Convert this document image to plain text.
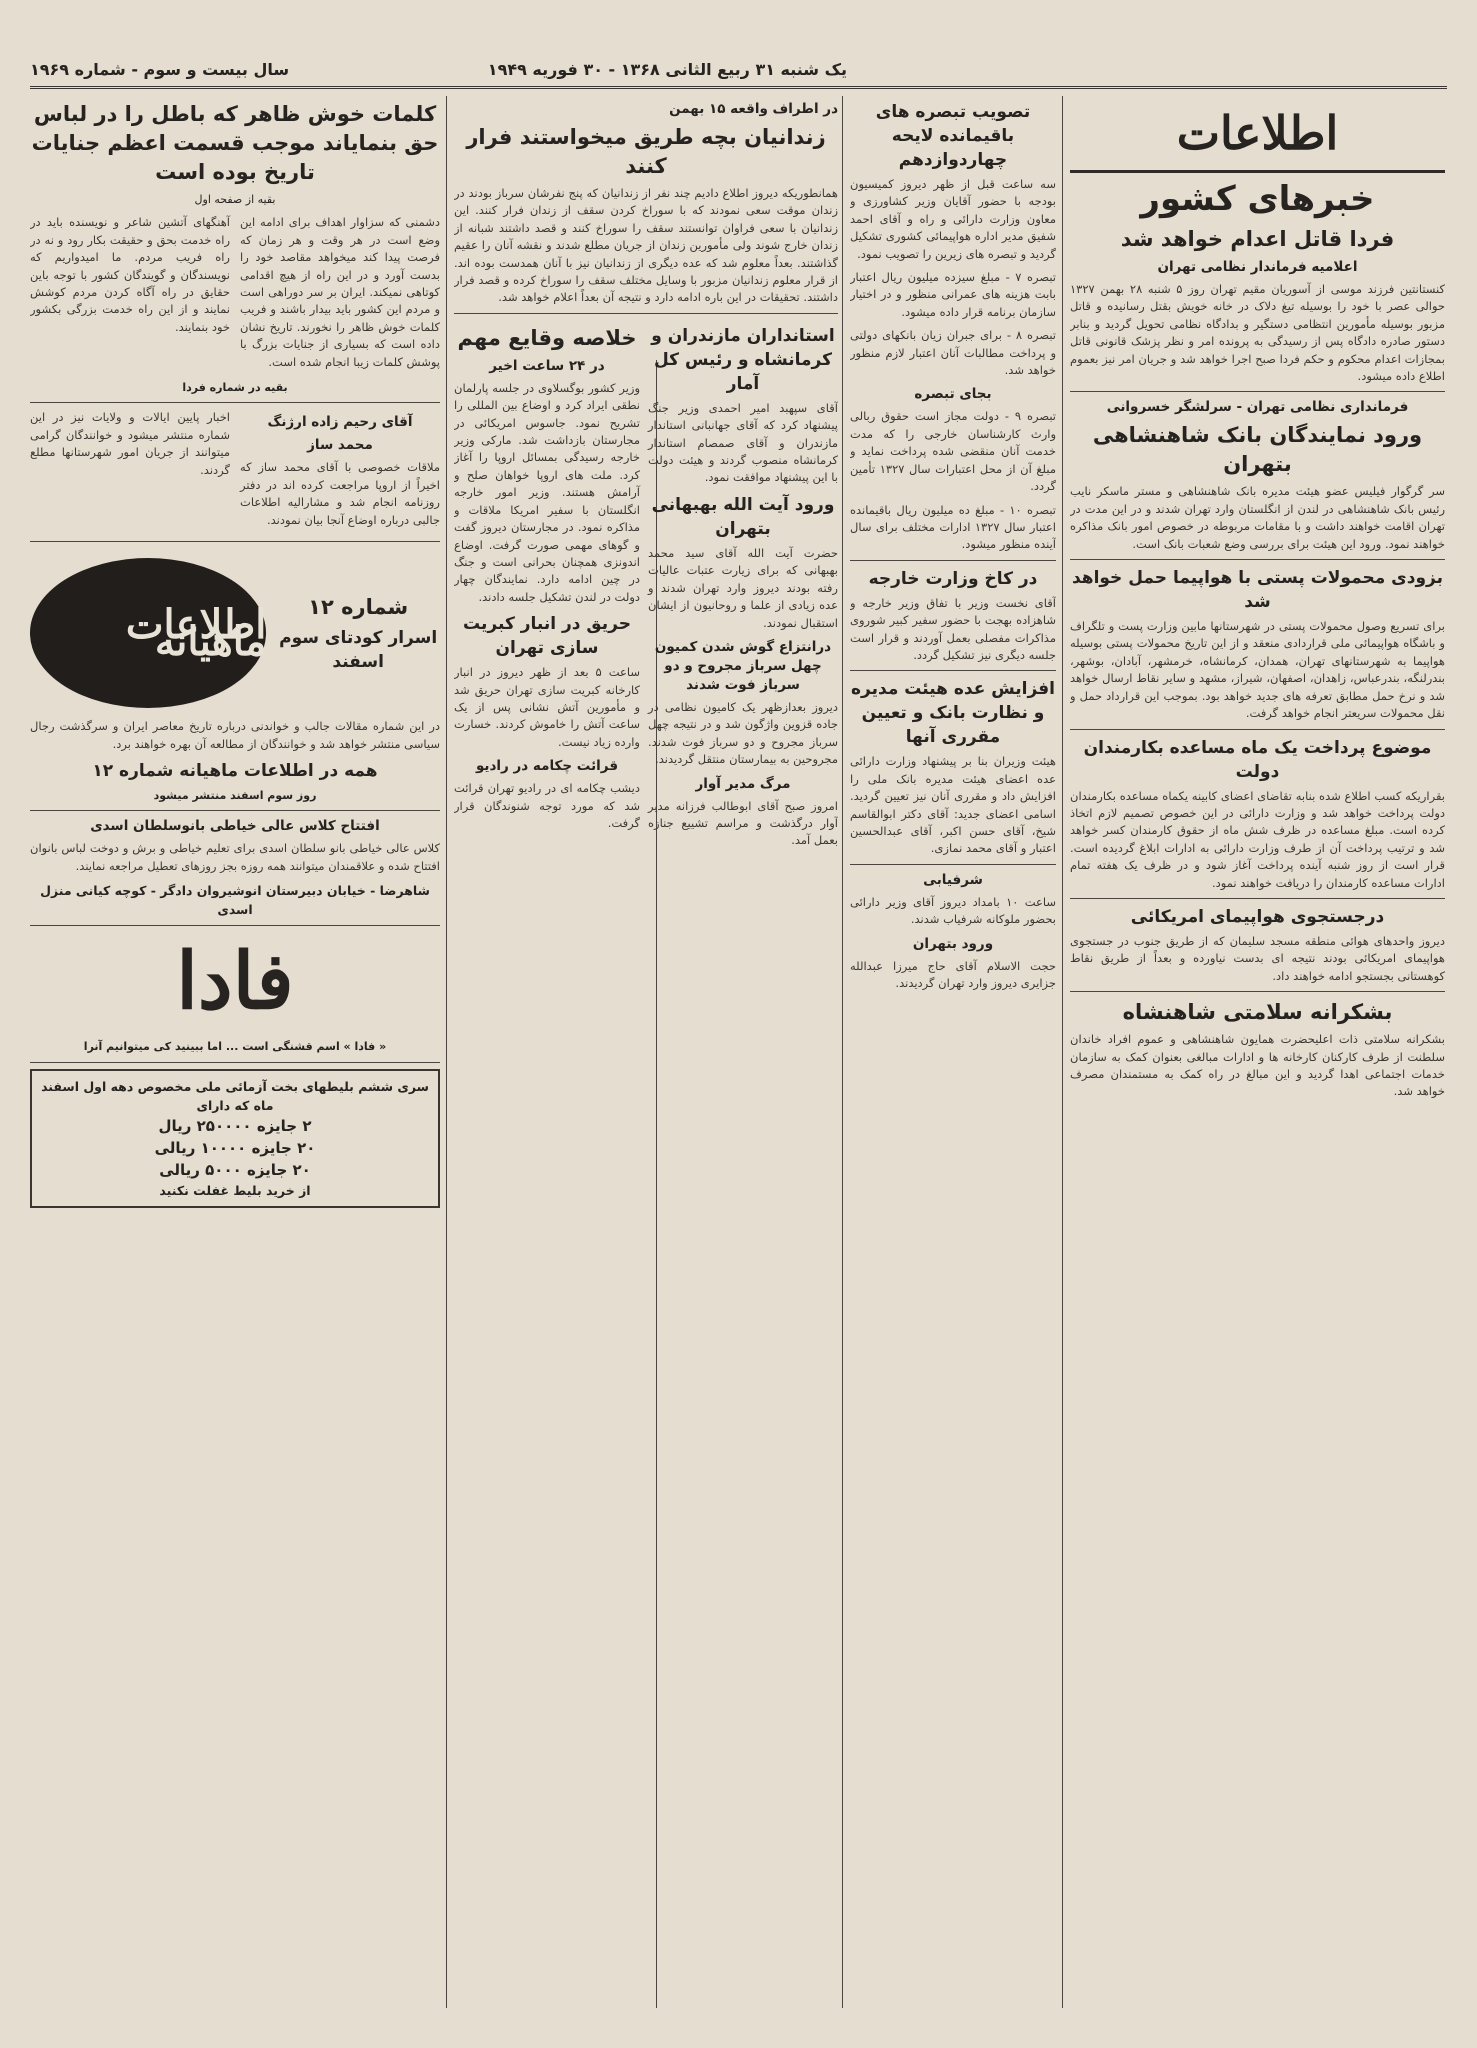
یک شنبه ۳۱ ربیع الثانی ۱۳۶۸ - ۳۰ فوریه ۱۹۴۹
سال بیست و سوم - شماره ۱۹۶۹
اطلاعات
خبرهای کشور
فردا قاتل اعدام خواهد شد
اعلامیه فرماندار نظامی تهران

کنستانتین فرزند موسی از آسوریان مقیم تهران روز ۵ شنبه ۲۸ بهمن ۱۳۲۷ حوالی عصر با خود را بوسیله تیغ دلاک در خانه خویش بقتل رسانیده و قاتل مزبور بوسیله مأمورین انتظامی دستگیر و بدادگاه نظامی تحویل گردید و بنابر دستور صادره دادگاه پس از رسیدگی به پرونده امر و نظر پزشک قانونی قاتل بمجازات اعدام محکوم و حکم فردا صبح اجرا خواهد شد و جریان امر نیز بعموم اطلاع داده میشود.

فرمانداری نظامی تهران - سرلشگر خسروانی
ورود نمایندگان بانک شاهنشاهی بتهران

سر گرگوار فیلیس عضو هیئت مدیره بانک شاهنشاهی و مستر ماسکر نایب رئیس بانک شاهنشاهی در لندن از انگلستان وارد تهران شدند و در این مدت در تهران اقامت خواهند داشت و با مقامات مربوطه در خصوص امور بانک مذاکره خواهند نمود. ورود این هیئت برای بررسی وضع شعبات بانک است.

بزودی محمولات پستی با هواپیما حمل خواهد شد

برای تسریع وصول محمولات پستی در شهرستانها مابین وزارت پست و تلگراف و باشگاه هواپیمائی ملی قراردادی منعقد و از این تاریخ محمولات پستی بوسیله هواپیما به شهرستانهای تهران، همدان، کرمانشاه، خرمشهر، آبادان، بوشهر، بندرلنگه، بندرعباس، زاهدان، اصفهان، شیراز، مشهد و سایر نقاط ارسال خواهد شد و نرخ حمل مطابق تعرفه های جدید خواهد بود. بموجب این قرارداد حمل و نقل محمولات سریعتر انجام خواهد گرفت.

موضوع پرداخت یک ماه مساعده بکارمندان دولت

بقراریکه کسب اطلاع شده بنابه تقاضای اعضای کابینه یکماه مساعده بکارمندان دولت پرداخت خواهد شد و وزارت دارائی در این خصوص تصمیم لازم اتخاذ کرده است. مبلغ مساعده در ظرف شش ماه از حقوق کارمندان کسر خواهد شد و ترتیب پرداخت آن از طرف وزارت دارائی به ادارات ابلاغ گردیده است. قرار است از روز شنبه آینده پرداخت آغاز شود و در ظرف یک هفته تمام ادارات مساعده کارمندان را دریافت خواهند نمود.

درجستجوی هواپیمای امریکائی

دیروز واحدهای هوائی منطقه مسجد سلیمان که از طریق جنوب در جستجوی هواپیمای امریکائی بودند نتیجه ای بدست نیاورده و بعداً از طریق نقاط کوهستانی بجستجو ادامه خواهند داد.

بشکرانه سلامتی شاهنشاه

بشکرانه سلامتی ذات اعلیحضرت همایون شاهنشاهی و عموم افراد خاندان سلطنت از طرف کارکنان کارخانه ها و ادارات مبالغی بعنوان کمک به سازمان خدمات اجتماعی اهدا گردید و این مبالغ در راه کمک به مستمندان مصرف خواهد شد.

تصویب تبصره های باقیمانده لایحه چهاردوازدهم

سه ساعت قبل از ظهر دیروز کمیسیون بودجه با حضور آقایان وزیر کشاورزی و معاون وزارت دارائی و راه و آقای احمد شفیق مدیر اداره هواپیمائی کشوری تشکیل گردید و تبصره های زیرین را تصویب نمود.

تبصره ۷ - مبلغ سیزده میلیون ریال اعتبار بابت هزینه های عمرانی منظور و در اختیار سازمان برنامه قرار داده میشود.

تبصره ۸ - برای جبران زیان بانکهای دولتی و پرداخت مطالبات آنان اعتبار لازم منظور خواهد شد.

بجای تبصره

تبصره ۹ - دولت مجاز است حقوق ربالی وارث کارشناسان خارجی را که مدت خدمت آنان منقضی شده پرداخت نماید و مبلغ آن از محل اعتبارات سال ۱۳۲۷ تأمین گردد.

تبصره ۱۰ - مبلغ ده میلیون ریال باقیمانده اعتبار سال ۱۳۲۷ ادارات مختلف برای سال آینده منظور میشود.

در کاخ وزارت خارجه

آقای نخست وزیر با تفاق وزیر خارجه و شاهزاده بهجت با حضور سفیر کبیر شوروی مذاکرات مفصلی بعمل آوردند و قرار است جلسه دیگری نیز تشکیل گردد.

افزایش عده هیئت مدیره و نظارت بانک و تعیین مقرری آنها

هیئت وزیران بنا بر پیشنهاد وزارت دارائی عده اعضای هیئت مدیره بانک ملی را افزایش داد و مقرری آنان نیز تعیین گردید. اسامی اعضای جدید: آقای دکتر ابوالقاسم شیخ، آقای حسن اکبر، آقای عبدالحسین اعتبار و آقای محمد نمازی.

شرفیابی

ساعت ۱۰ بامداد دیروز آقای وزیر دارائی بحضور ملوکانه شرفیاب شدند.

ورود بتهران

حجت الاسلام آقای حاج میرزا عبدالله جزایری دیروز وارد تهران گردیدند.

در اطراف واقعه ۱۵ بهمن
زندانیان بچه طریق میخواستند فرار کنند

همانطوریکه دیروز اطلاع دادیم چند نفر از زندانیان که پنج نفرشان سرباز بودند در زندان موقت سعی نمودند که با سوراخ کردن سقف از زندان فرار کنند. این زندانیان با سعی فراوان توانستند سقف را سوراخ کنند و قصد داشتند شبانه از زندان خارج شوند ولی مأمورین زندان از جریان مطلع شدند و نقشه آنان را عقیم گذاشتند. بعداً معلوم شد که عده دیگری از زندانیان نیز با آنان همدست بوده اند. از قرار معلوم زندانیان مزبور با وسایل مختلف سقف را سوراخ کرده و قصد فرار داشتند. تحقیقات در این باره ادامه دارد و نتیجه آن بعداً اعلام خواهد شد.

استانداران مازندران و کرمانشاه و رئیس کل آمار

آقای سپهبد امیر احمدی وزیر جنگ پیشنهاد کرد که آقای جهانبانی استاندار مازندران و آقای صمصام استاندار کرمانشاه منصوب گردند و هیئت دولت با این پیشنهاد موافقت نمود.

ورود آیت الله بهبهانی بتهران

حضرت آیت الله آقای سید محمد بهبهانی که برای زیارت عتبات عالیات رفته بودند دیروز وارد تهران شدند و عده زیادی از علما و روحانیون از ایشان استقبال نمودند.

درانتزاع گوش شدن کمیون چهل سرباز مجروح و دو سرباز فوت شدند

دیروز بعدازظهر یک کامیون نظامی در جاده قزوین واژگون شد و در نتیجه چهل سرباز مجروح و دو سرباز فوت شدند. مجروحین به بیمارستان منتقل گردیدند.

مرگ مدیر آوار

امروز صبح آقای ابوطالب فرزانه مدیر آوار درگذشت و مراسم تشییع جنازه بعمل آمد.

خلاصه وقایع مهم
در ۲۴ ساعت اخیر

وزیر کشور بوگسلاوی در جلسه پارلمان نطقی ایراد کرد و اوضاع بین المللی را تشریح نمود. جاسوس امریکائی در مجارستان بازداشت شد. مارکی وزیر خارجه رسیدگی بمسائل اروپا را آغاز کرد. ملت های اروپا خواهان صلح و آرامش هستند. وزیر امور خارجه انگلستان با سفیر امریکا ملاقات و مذاکره نمود. در مجارستان دیروز گفت و گوهای مهمی صورت گرفت. اوضاع اندونزی همچنان بحرانی است و جنگ در چین ادامه دارد. نمایندگان چهار دولت در لندن تشکیل جلسه دادند.

حریق در انبار کبریت سازی تهران

ساعت ۵ بعد از ظهر دیروز در انبار کارخانه کبریت سازی تهران حریق شد و مأمورین آتش نشانی پس از یک ساعت آتش را خاموش کردند. خسارت وارده زیاد نیست.

قرائت چکامه در رادیو

دیشب چکامه ای در رادیو تهران قرائت شد که مورد توجه شنوندگان قرار گرفت.

کلمات خوش ظاهر که باطل را در لباس حق بنمایاند موجب قسمت اعظم جنایات تاریخ بوده است
بقیه از صفحه اول

دشمنی که سزاوار اهداف برای ادامه این وضع است در هر وقت و هر زمان که فرصت پیدا کند میخواهد مقاصد خود را بدست آورد و در این راه از هیچ اقدامی کوتاهی نمیکند. ایران بر سر دوراهی است و مردم این کشور باید بیدار باشند و فریب کلمات خوش ظاهر را نخورند. تاریخ نشان داده است که بسیاری از جنایات بزرگ با پوشش کلمات زیبا انجام شده است.

آهنگهای آتشین شاعر و نویسنده باید در راه خدمت بحق و حقیقت بکار رود و نه در راه فریب مردم. ما امیدواریم که نویسندگان و گویندگان کشور با توجه باین حقایق در راه آگاه کردن مردم کوشش نمایند و از این راه خدمت بزرگی بکشور خود بنمایند.

بقیه در شماره فردا
آقای رحیم زاده ارژنگ
محمد ساز

ملاقات خصوصی با آقای محمد ساز که اخیراً از اروپا مراجعت کرده اند در دفتر روزنامه انجام شد و مشارالیه اطلاعات جالبی درباره اوضاع آنجا بیان نمودند.

اخبار پایین ایالات و ولایات نیز در این شماره منتشر میشود و خوانندگان گرامی میتوانند از جریان امور شهرستانها مطلع گردند.

شماره ۱۲
اسرار کودتای سوم اسفند
اطلاعات ماهیانه

در این شماره مقالات جالب و خواندنی درباره تاریخ معاصر ایران و سرگذشت رجال سیاسی منتشر خواهد شد و خوانندگان از مطالعه آن بهره خواهند برد.

همه در اطلاعات ماهیانه شماره ۱۲
روز سوم اسفند منتشر میشود
افتتاح کلاس عالی خیاطی بانوسلطان اسدی

کلاس عالی خیاطی بانو سلطان اسدی برای تعلیم خیاطی و برش و دوخت لباس بانوان افتتاح شده و علاقمندان میتوانند همه روزه بجز روزهای تعطیل مراجعه نمایند.

شاهرضا - خیابان دبیرستان انوشیروان دادگر - کوچه کیانی منزل اسدی
فادا
« فادا » اسم قشنگی است ... اما ببینید کی میتوانیم آنرا
سری ششم بلیطهای بخت آزمائی ملی مخصوص دهه اول اسفند ماه که دارای
۲ جایزه ۲۵۰۰۰۰ ریال
۲۰ جایزه ۱۰۰۰۰ ریالی
۲۰ جایزه ۵۰۰۰ ریالی
از خرید بلیط غفلت نکنید
